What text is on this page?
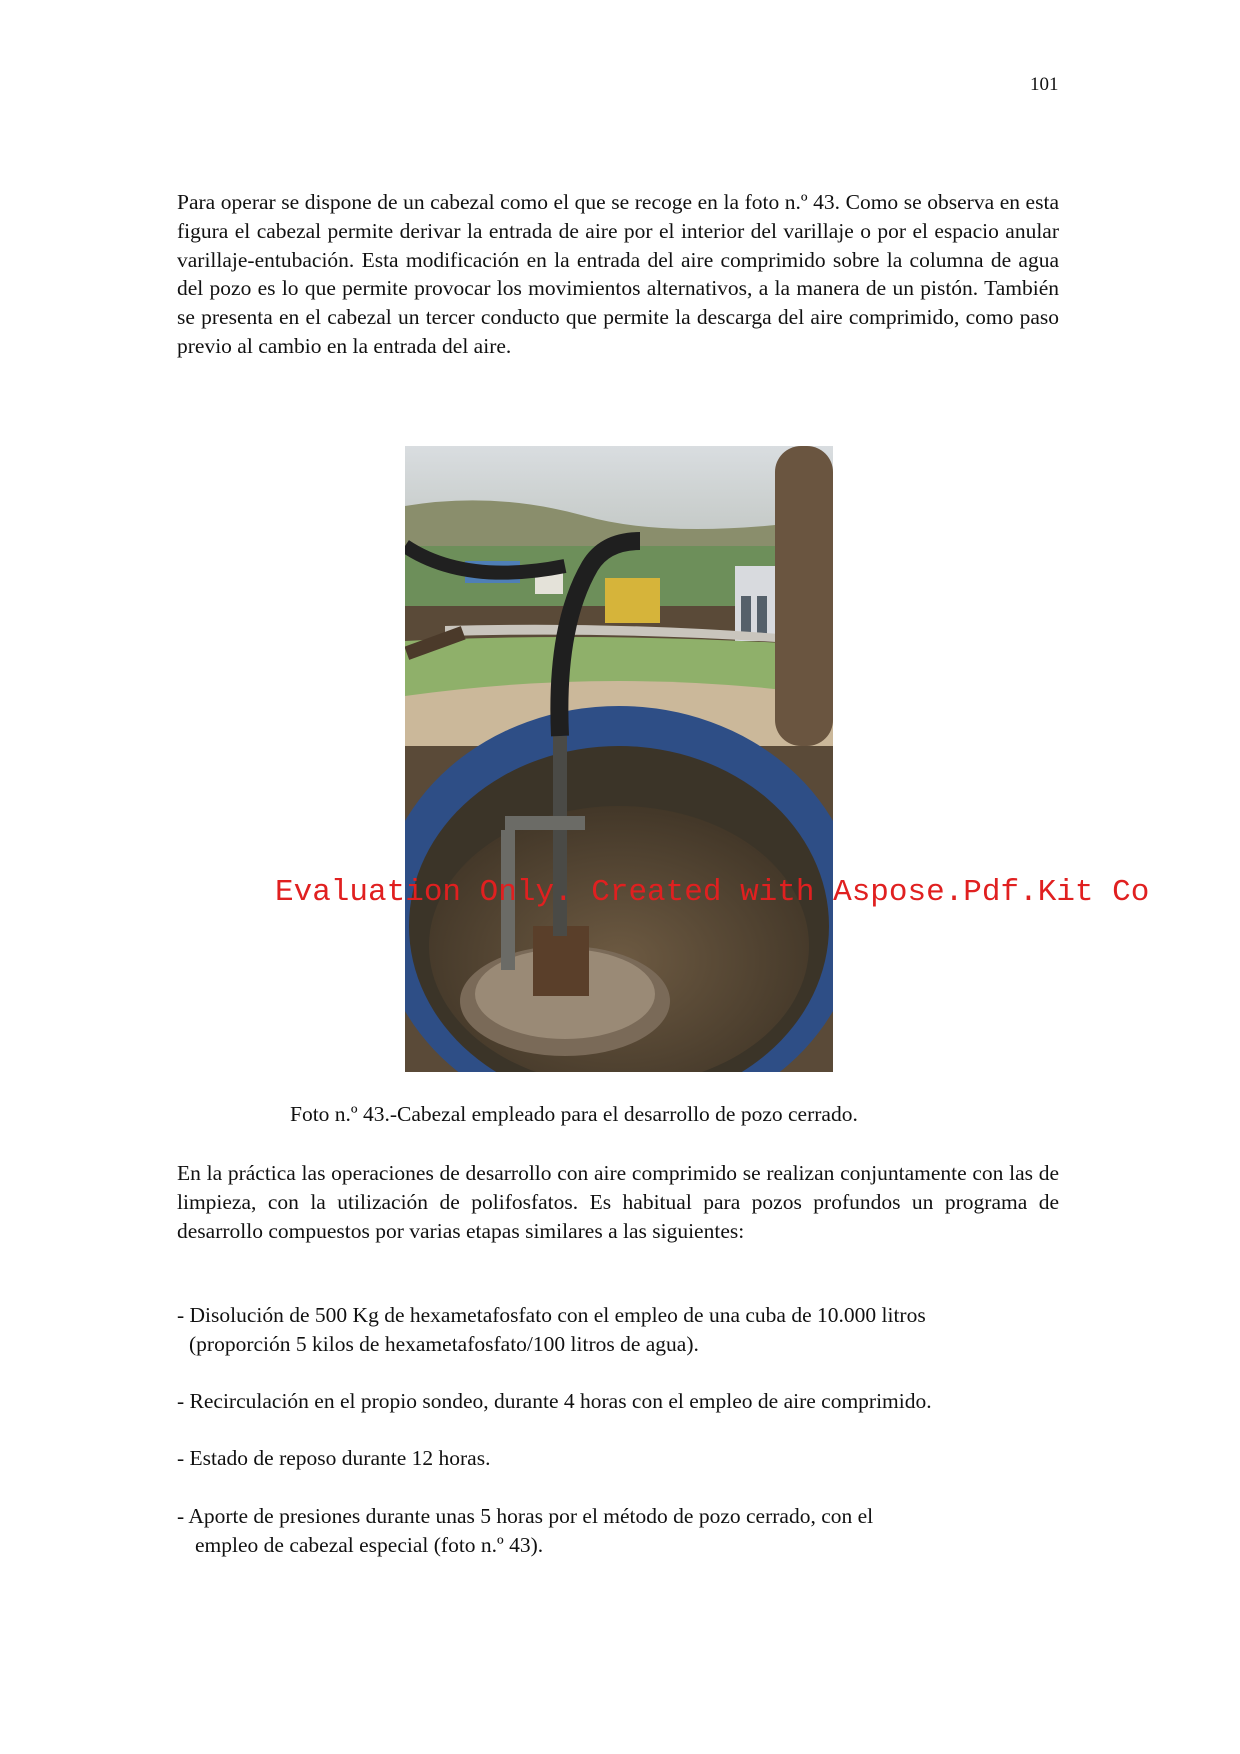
101

Para operar se dispone de un cabezal como el que se recoge en la foto n.º 43. Como se observa en esta figura el cabezal permite derivar la entrada de aire por el interior del varillaje o por el espacio anular varillaje-entubación. Esta modificación en la entrada del aire comprimido sobre la columna de agua del pozo es lo que permite provocar los movimientos alternativos, a la manera de un pistón. También se presenta en el cabezal un tercer conducto que permite la descarga del aire comprimido, como paso previo al cambio en la entrada del aire.

Foto n.º 43.-Cabezal empleado para el desarrollo de pozo cerrado.

En la práctica las operaciones de desarrollo con aire comprimido se realizan conjuntamente con las de limpieza, con la utilización de polifosfatos. Es habitual para pozos profundos un programa de desarrollo compuestos por varias etapas similares a las siguientes:

- Disolución de 500 Kg de hexametafosfato con el empleo de una cuba de 10.000 litros
(proporción 5 kilos de hexametafosfato/100 litros de agua).
- Recirculación en el propio sondeo, durante 4 horas con el empleo de aire comprimido.
- Estado de reposo durante 12 horas.
- Aporte de presiones durante unas 5 horas por el método de pozo cerrado, con el
empleo de cabezal especial (foto n.º 43).
Evaluation Only. Created with Aspose.Pdf.Kit Co
